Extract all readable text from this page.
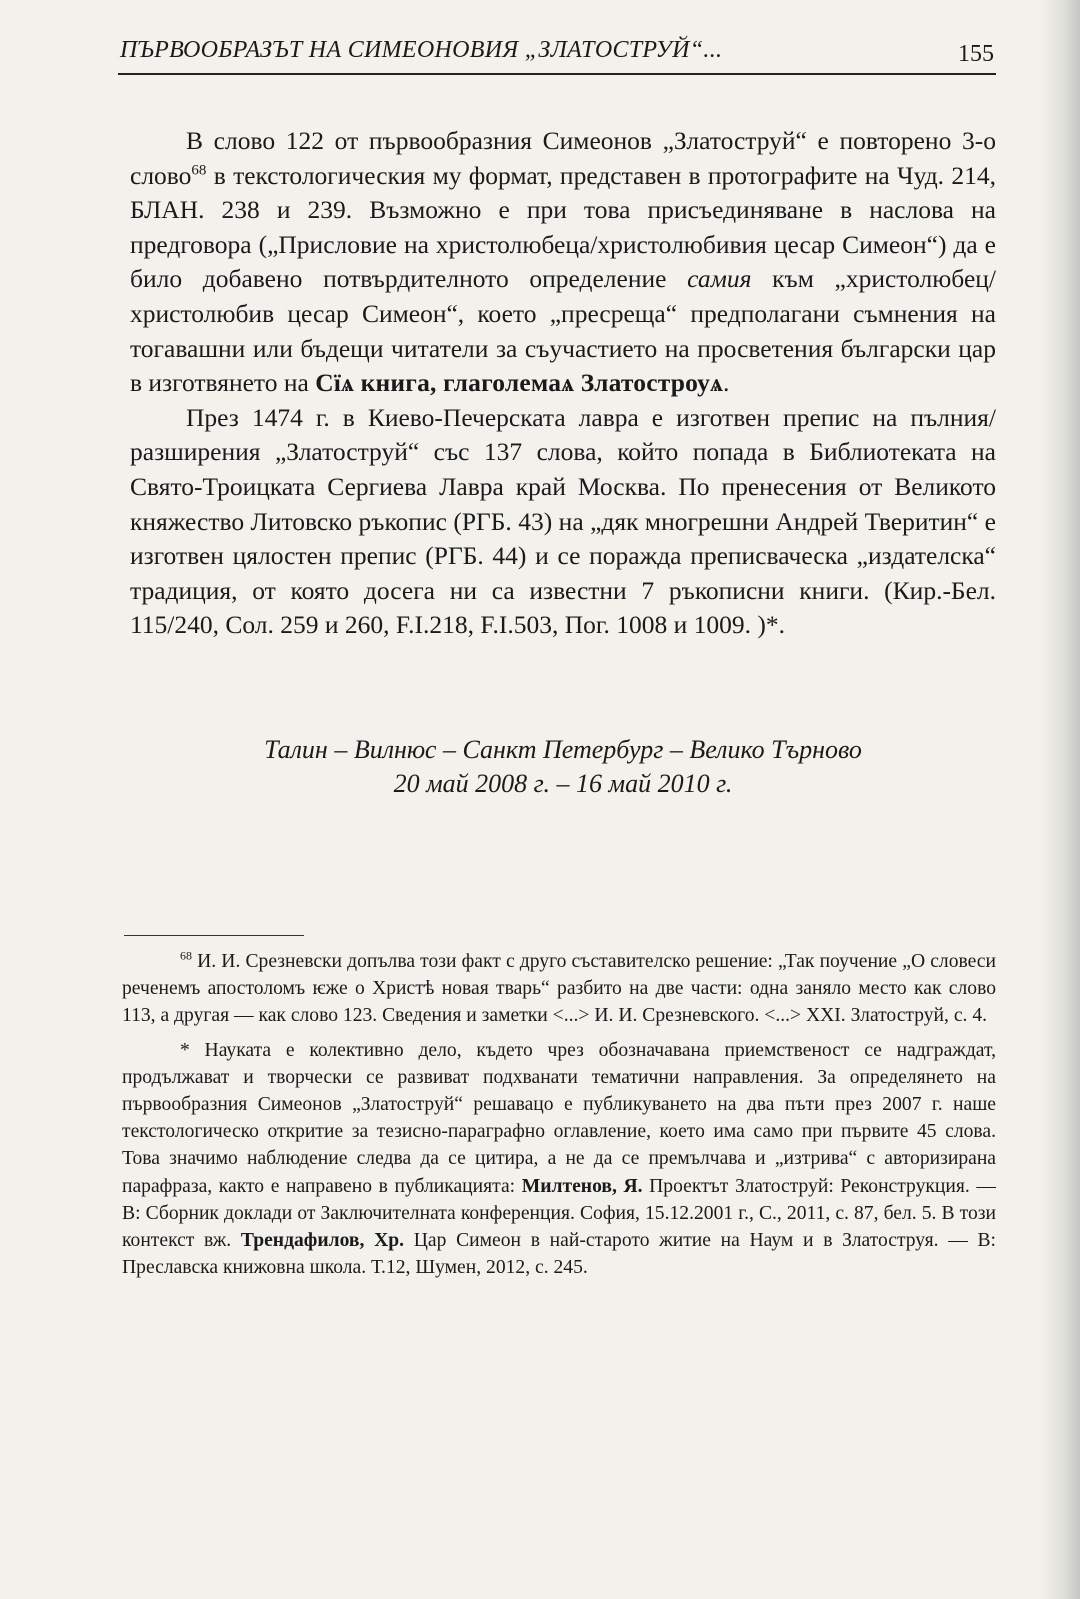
ПЪРВООБРАЗЪТ НА СИМЕОНОВИЯ „ЗЛАТОСТРУЙ“...	155

В слово 122 от първообразния Симеонов „Златоструй“ е повторено 3-о слово$^{68}$ в текстологическия му формат, представен в протографите на Чуд. 214, БЛАН. 238 и 239. Възможно е при това присъединяване в наслова на предговора („Присловие на христолюбеца/христолюбивия цесар Симеон“) да е било добавено потвърдителното определение самия към „христолюбец/ христолюбив цесар Симеон“, което „пресреща“ предполагани съмнения на тогавашни или бъдещи читатели за съучастието на просветения български цар в изготвянето на Сїѧ книга, глаголемаѧ Златостроуѧ.

През 1474 г. в Киево-Печерската лавра е изготвен препис на пълния/ разширения „Златоструй“ със 137 слова, който попада в Библиотеката на Свято-Троицката Сергиева Лавра край Москва. По пренесения от Великото княжество Литовско ръкопис (РГБ. 43) на „дяк многрешни Андрей Тверитин“ е изготвен цялостен препис (РГБ. 44) и се поражда преписваческа „издателска“ традиция, от която досега ни са известни 7 ръкописни книги. (Кир.-Бел. 115/240, Сол. 259 и 260, F.I.218, F.I.503, Пог. 1008 и 1009. )*.

Талин – Вилнюс – Санкт Петербург – Велико Търново
20 май 2008 г. – 16 май 2010 г.

$^{68}$ И. И. Срезневски допълва този факт с друго съставителско решение: „Так поучение „О словеси реченемъ апостоломъ ѥже о Христѣ новая тварь“ разбито на две части: одна заняло место как слово 113, а другая — как слово 123. Сведения и заметки <...> И. И. Срезневского. <...> XXI. Златоструй, с. 4.

* Науката е колективно дело, където чрез обозначавана приемственост се надграждат, продължават и творчески се развиват подхванати тематични направления. За определянето на първообразния Симеонов „Златоструй“ решавацо е публикуването на два пъти през 2007 г. наше текстологическо откритие за тезисно-параграфно оглавление, което има само при първите 45 слова. Това значимо наблюдение следва да се цитира, а не да се премълчава и „изтрива“ с авторизирана парафраза, както е направено в публикацията: Милтенов, Я. Проектът Златоструй: Реконструкция. — В: Сборник доклади от Заключителната конференция. София, 15.12.2001 г., С., 2011, с. 87, бел. 5. В този контекст вж. Трендафилов, Хр. Цар Симеон в най-старото житие на Наум и в Златоструя. — В: Преславска книжовна школа. Т.12, Шумен, 2012, с. 245.
